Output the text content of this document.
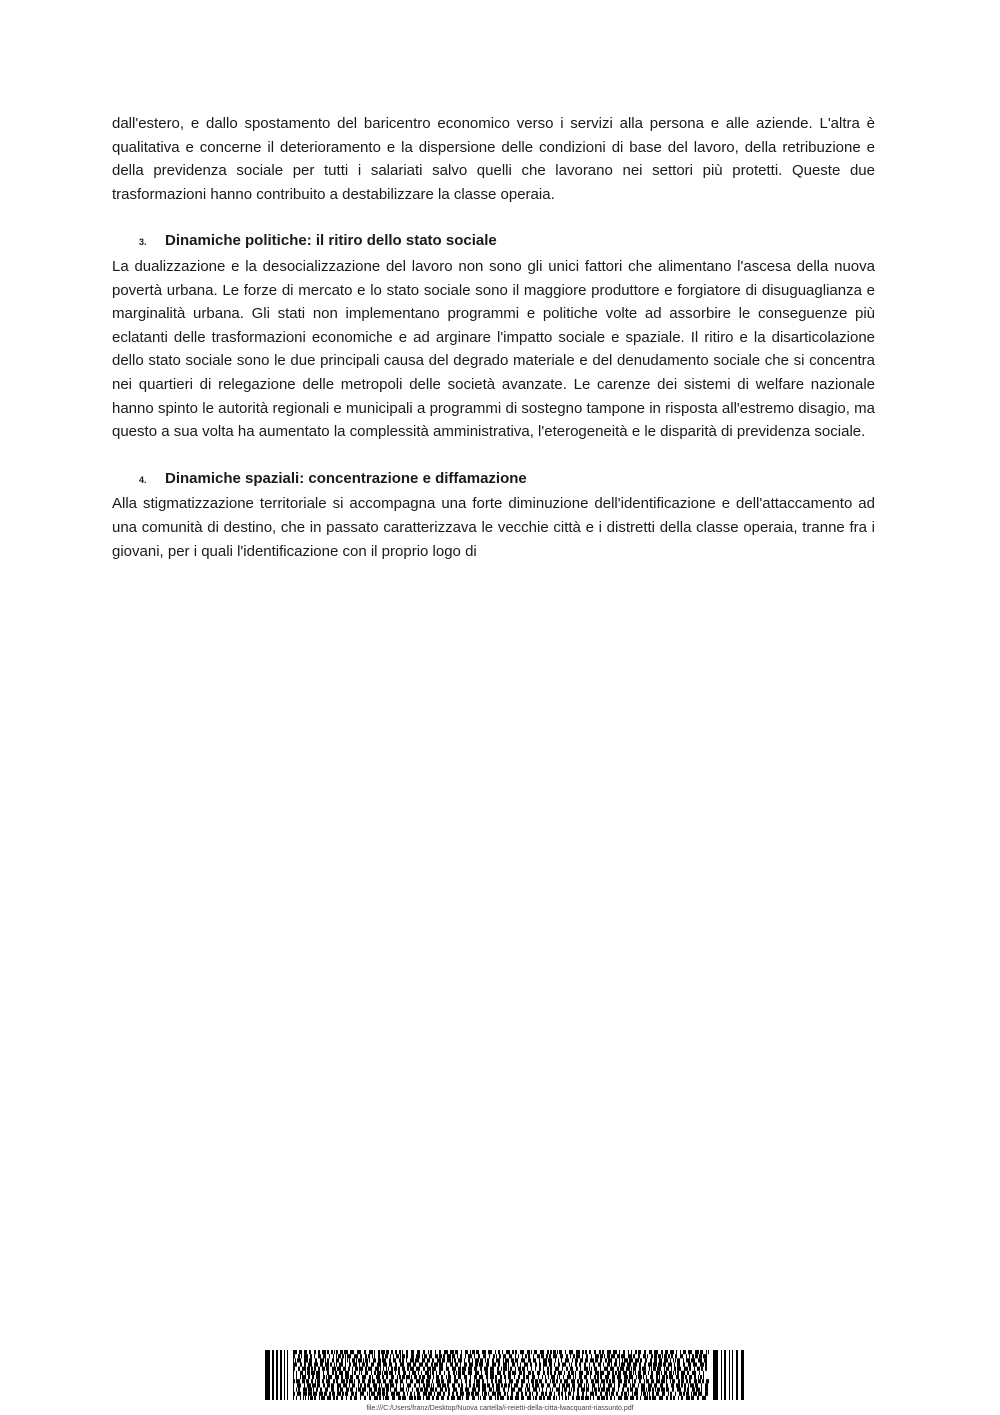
dall'estero, e dallo spostamento del baricentro economico verso i servizi alla persona e alle aziende. L'altra è qualitativa e concerne il deterioramento e la dispersione delle condizioni di base del lavoro, della retribuzione e della previdenza sociale per tutti i salariati salvo quelli che lavorano nei settori più protetti. Queste due trasformazioni hanno contribuito a destabilizzare la classe operaia.

3. Dinamiche politiche: il ritiro dello stato sociale

La dualizzazione e la desocializzazione del lavoro non sono gli unici fattori che alimentano l'ascesa della nuova povertà urbana. Le forze di mercato e lo stato sociale sono il maggiore produttore e forgiatore di disuguaglianza e marginalità urbana. Gli stati non implementano programmi e politiche volte ad assorbire le conseguenze più eclatanti delle trasformazioni economiche e ad arginare l'impatto sociale e spaziale. Il ritiro e la disarticolazione dello stato sociale sono le due principali causa del degrado materiale e del denudamento sociale che si concentra nei quartieri di relegazione delle metropoli delle società avanzate. Le carenze dei sistemi di welfare nazionale hanno spinto le autorità regionali e municipali a programmi di sostegno tampone in risposta all'estremo disagio, ma questo a sua volta ha aumentato la complessità amministrativa, l'eterogeneità e le disparità di previdenza sociale.

4. Dinamiche spaziali: concentrazione e diffamazione

Alla stigmatizzazione territoriale si accompagna una forte diminuzione dell'identificazione e dell'attaccamento ad una comunità di destino, che in passato caratterizzava le vecchie città e i distretti della classe operaia, tranne fra i giovani, per i quali l'identificazione con il proprio logo di

file:///C:/Users/franz/Desktop/Nuova cartella/i-reietti-della-citta-lwacquant-riassunto.pdf
